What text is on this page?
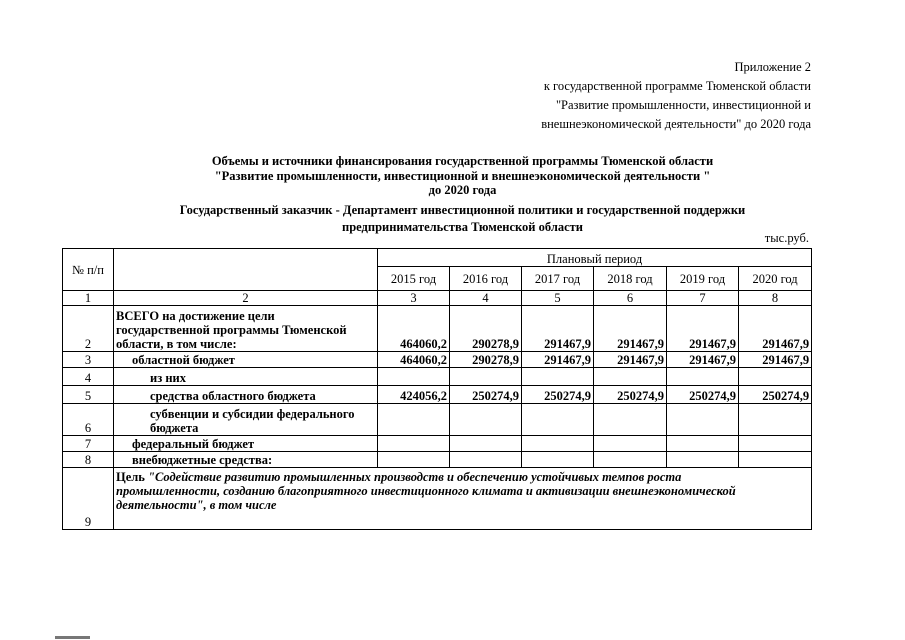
Приложение 2
к государственной программе Тюменской области
"Развитие промышленности, инвестиционной и
внешнеэкономической деятельности" до 2020 года
Объемы и источники финансирования государственной программы Тюменской области
"Развитие промышленности, инвестиционной и внешнеэкономической деятельности "
до 2020 года
Государственный заказчик - Департамент инвестиционной политики и государственной поддержки
предпринимательства Тюменской области
тыс.руб.
№ п/п		Плановый период					
		2015 год	2016 год	2017 год	2018 год	2019 год	2020 год
1	2	3	4	5	6	7	8
2	ВСЕГО на достижение цели
государственной программы Тюменской
области, в том числе:	464060,2	290278,9	291467,9	291467,9	291467,9	291467,9
3	областной бюджет	464060,2	290278,9	291467,9	291467,9	291467,9	291467,9
4	из них						
5	средства областного бюджета	424056,2	250274,9	250274,9	250274,9	250274,9	250274,9
6	субвенции и субсидии федерального
бюджета						

7	федеральный бюджет						
8	внебюджетные средства:						
9	Цель "Содействие развитию промышленных производств и обеспечению устойчивых темпов роста
промышленности, созданию благоприятного инвестиционного климата и активизации внешнеэкономической
деятельности", в том числе						
